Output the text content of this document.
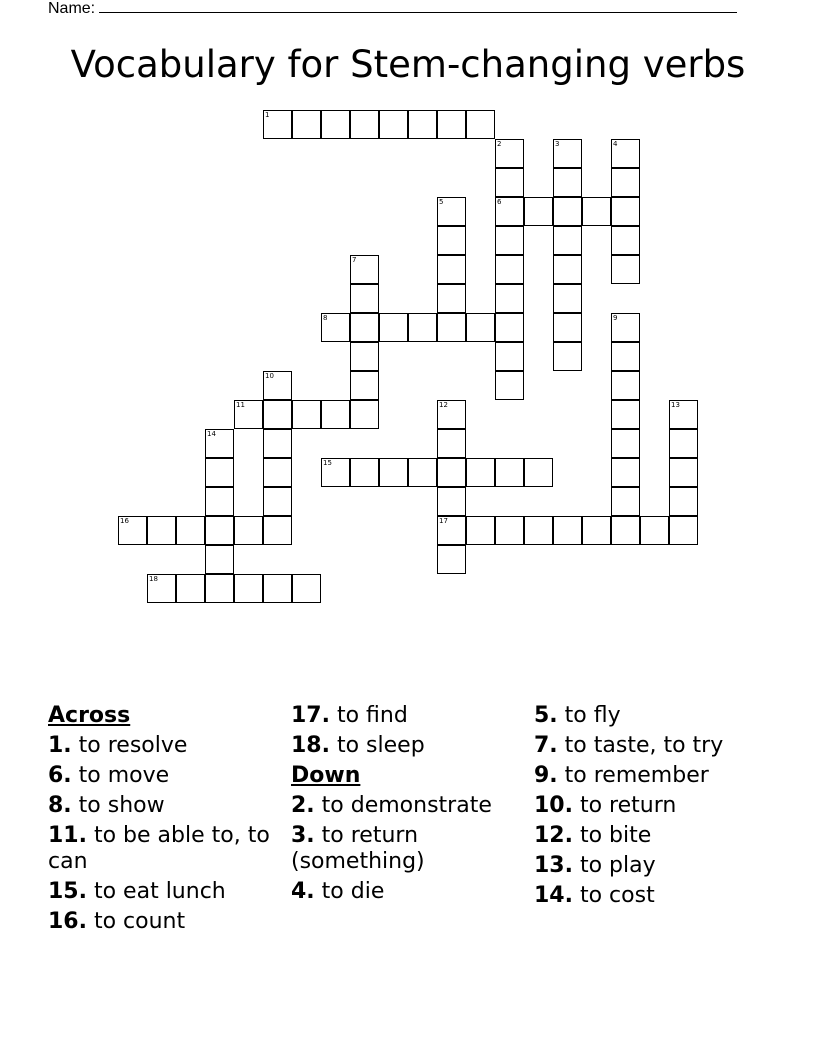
Name:
Vocabulary for Stem-changing verbs
1
2	3	4
5	6
7
8	9
10
11	12	13
14
15
16	17
18
Across
1. to resolve
6. to move
8. to show
11. to be able to, to can
15. to eat lunch
16. to count
17. to find
18. to sleep
Down
2. to demonstrate
3. to return (something)
4. to die
5. to fly
7. to taste, to try
9. to remember
10. to return
12. to bite
13. to play
14. to cost
